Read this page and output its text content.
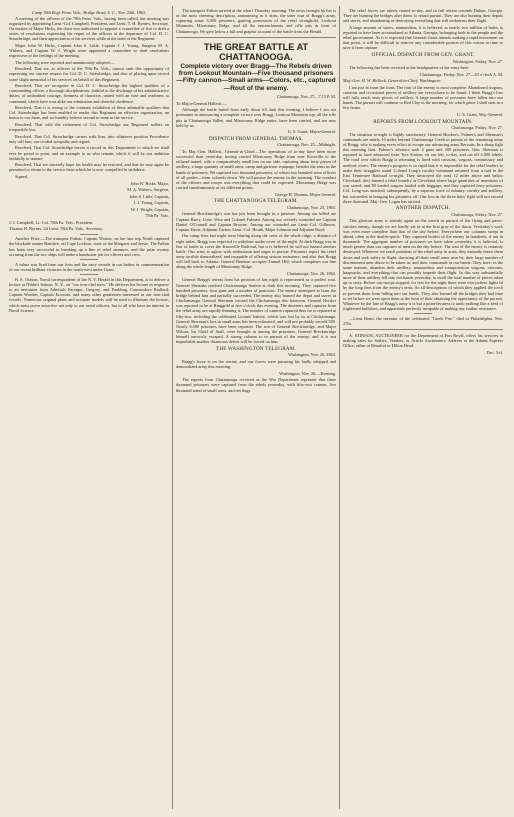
Camp 78th Regt. Penn. Vols., Bridge Head, S. C., Nov. 24th, 1863.

A meeting of the officers of the 78th Penn. Vols., having been called, the meeting was organized by appointing Lieut.-Col. Campbell, President, and Lieut. T. H. Byrnes, Secretary. On motion of Major Hicks, the chair was authorized to appoint a committee of five to draft a series of resolutions expressing the regret of the officers at the departure of Col. D. C. Strawbridge, and their appreciation of his services while at the head of the Regiment.

Major John W. Hicks, Captain John S. Little, Captain J. J. Young, Surgeon M. A. Withers, and Captain W. J. Wright were appointed a committee to draft resolutions expressive of the feelings of the meeting.

The following were reported and unanimously adopted:—

Resolved, That we, as officers of the 78th Pa. Vols., cannot omit this opportunity of expressing our sincere respect for Col. D. C. Strawbridge, and also of placing upon record some slight memorial of his services on behalf of this Regiment.

Resolved, That we recognize in Col. D. C. Strawbridge the highest qualities of a commanding officer, a thorough disciplinarian, faithful in the discharge of his administrative duties, of undoubted courage, firmness of character, united with an ease and readiness to command, which have won alike our admiration and cheerful obedience.

Resolved, That it is owing to the constant exhibition of these admirable qualities that Col. Strawbridge has been enabled to render this Regiment an effective organization, an honor to our State, and we humbly believe second to none in the service.

Resolved, That with the retirement of Col. Strawbridge our Regiment suffers an irreparable loss.

Resolved, That Col. Strawbridge carries with him, into whatever position Providence may call him, our cordial sympathy and regard.

Resolved, That Col. Strawbridge leaves a record in this Department to which we shall ever be proud to point, and an example to us who remain, which it will be our ambition faithfully to imitate.

Resolved, That we sincerely hope his health may be restored, and that he may again be permitted to return to the service from which he is now compelled to withdraw.

Signed,

John W. Hicks, Major,

M. A. Withers, Surgeon,

John S. Little, Captain,

J. J. Young, Captain,

W. J. Wright, Captain,

78th Pa. Vols.

J. J. Campbell, Lt.-Col. 78th Pa. Vols., President.

Thomas H. Byrnes, 2d Lieut. 78th Pa. Vols., Secretary.

Another Prize.—The transport Fulton, Captain Wotton, on her last trip North captured the blockade runner Banshee, off Cape Lookout, mate of the Margaret and Jessie. The Fulton has been very successful in breaking up a line of rebel steamers, and the prize money accruing from the two ships will make a handsome job for officers and crew.

A salute was fired from our forts and the navy vessels in our harbor in commemoration of our recent brilliant victories in the south-west under Grant.

B. S. Osborn, Naval correspondent of the N. Y. Herald in this Department, is to deliver a lecture at Nibbe's Saloon, N. Y., on "our iron-clad navy." He delivers his lecture in response to an invitation from Admirals Farragut, Gregory, and Paulding, Commodore Radford, Captain Worden, Captain Ericsson, and many other gentlemen interested in our iron-clad vessels. Numerous original plans and accurate models will be used to illustrate the lecture, which must prove attractive not only to our naval officers, but to all who have an interest in Naval Science.

The transport Fulton arrived at the wharf Thursday morning. The news brought by her is of the most cheering description, announcing as it does, the utter rout of Bragg's army, capturing some 5,000 prisoners, gaining possession of the rebel stronghold, Lookout Mountain, Missionary Ridge, and all the entrenchments and rifle pits in front of Chattanooga. We give below a full and graphic account of the battle from the Herald.

THE GREAT BATTLE AT CHATTANOOGA.
Complete victory over Bragg—The Rebels driven from Lookout Mountain—Five thousand prisoners—Fifty cannon—Small arms—Colors, etc., captured—Rout of the enemy.

Chattanooga, Nov. 27—7.15 P. M.

To Major-General Halleck:—

Although the battle lasted from early dawn till dark this evening, I believe I am not premature in announcing a complete victory over Bragg. Lookout Mountain top, all the rifle pits in Chattanooga Valley, and Missionary Ridge entire, have been carried, and are now held by us.

U. S. Grant, Major-General.

DISPATCH FROM GENERAL THOMAS.

Chattanooga, Nov. 25—Midnight.

To Maj.-Gen. Halleck, General-in-Chief:—The operations of to-day have been more successful than yesterday, having carried Missionary Ridge from near Rossville to the railroad tunnel, with a comparatively small loss on our side, capturing about forty pieces of artillery, a large quantity of small arms, camp and garrison equipage, besides the arms in the hands of prisoners. We captured two thousand prisoners, of whom two hundred were officers of all grades—from colonels down. We will pursue the enemy in the morning. The conduct of the officers and troops was everything that could be expected. Missionary Ridge was carried simultaneously at six different points.

George H. Thomas, Major General.

THE CHATTANOOGA TELEGRAM.

Chattanooga, Nov. 25, 1863.

General Breckinridge's son has just been brought in a prisoner. Among our killed are Captain Barry, Lieut. Wise and Colonel Fulman. Among our severely wounded are Captain Daniel O'Connell and Captain Browne. Among our wounded are Lieut.-Col. Gillmore, Captain Davis, Adjutant Tucker, Lieut.-Col. Houth, Major Johnson and Adjutant Boyd.

Our camp fires last night were blazing along the crest of the whole ridge, a distance of eight miles. Bragg was expected to withdraw under cover of the night. At dark Bragg was in line of battle to cover the Knoxville Railroad, but it is believed he will not hazard another battle. Our army is aglow with enthusiasm and eager to pursue. Prisoners report the rebel army terribly demoralized, and incapable of offering serious resistance, and also that Bragg will fall back to Atlanta. General Branson occupies Tunnel Hill, which completes our line along the whole length of Missionary Ridge.

Chattanooga, Nov. 26, 1863.

General Bragg's retreat from his position of last night is represented as a perfect rout. General Sheridan reached Chickamauga Station at dusk this morning. They captured five hundred prisoners, four guns and a number of pontoons. The enemy attempted to burn the bridge behind him and partially succeeded. The enemy also burned the depot and stores at Chickamauga. General Sherman crossed the Chickamauga this forenoon. General Hooker was reported to be at Ringgold at five o'clock this evening. The deserters and captures from the rebel army are rapidly thinning it. The number of cannon captured thus far is reported at fifty-two, including the celebrated Loomis' battery, which was lost by us at Chickamauga. General Sherman's loss in small arms has been estimated, and will not probably exceed 500. Nearly 6,000 prisoners have been reported. The son of General Breckinridge, and Major Wilson, his Chief of Staff, were brought in among the prisoners. General Breckinridge himself narrowly escaped. A strong column is in pursuit of the enemy, and it is not improbable another disastrous defeat will be forced on him.

THE WASHINGTON TELEGRAM.

Washington, Nov. 26, 1863.

Bragg's force is on the retreat, and our forces were pursuing his badly whipped and demoralized army this morning.

Washington, Nov. 26,—Evening.

The reports from Chattanooga received at the War Department represent that three thousand prisoners were captured from the rebels yesterday, with fifty-two cannon, five thousand stand of small arms, and ten flags.

The rebel forces are utterly routed to-day, and in full retreat towards Dalton, Georgia. They are burning the bridges after them, to retard pursuit. They are also burning their depots and stores, and abandoning or destroying everything that will embarrass their flight.

A large amount of stores, ammunition, it is believed, to nearly two million of bales, is reported to have been accumulated at Atlanta, Georgia, belonging both to the people and the rebel government. As it is expected that General Grant intends making a rapid movement on that point, it will be difficult to remove any considerable portion of this cotton in time to save it from capture.

OFFICIAL DISPATCH FROM GEN. GRANT.

Washington, Friday, Nov. 27.

The following has been received at the headquarters of the army here:

Chattanooga, Friday, Nov. 27—10 o'clock A. M.

Maj.-Gen. H. W. Halleck, General-in-Chief, Washington:

I am just in from the front. The rout of the enemy is most complete. Abandoned wagons, caissons and occasional pieces of artillery are everywhere to be found. I think Bragg's loss will fully reach sixty pieces of artillery. A large number of prisoners have fallen into our hands. The pursuit will continue to Red Clay in the morning, for which place I shall start in a few hours.

U. S. Grant, Maj.-General.

REPORTS FROM LOOKOUT MOUNTAIN.

Chattanooga, Friday, Nov. 27.

The situation to-night is highly satisfactory. General Hooker's, Palmer's and Sherman's commands are nearly 10 miles beyond Chattanooga Creek in pursuit of the remaining army of Bragg, who is making every effort to escape our advancing army Recruits. In a sharp fight this morning Gen. Palmer's advance took 4 guns and 200 prisoners. Gen. Sherman is reported to have advanced from Tyre Station, on our left, to-day, and cut off 2,000 rebels. The road over which Bragg is retreating is lined with caissons, wagons, commissary and medical stores. The enemy's progress is so rapid that it is impossible for the rebel leaders to make their stragglers stand. Colonel Long's cavalry command returned from a raid to the East Tennessee Railroad to-night. They destroyed the road 12 miles above and below Cleveland; they burned a rebel foundry at Cleveland where large quantities of munitions of war stored, and 80 loaded wagons loaded with baggage, and they captured forty prisoners. Col. Long was attacked, subsequently, by a superior force of infantry, cavalry and artillery, but succeeded in bringing his prisoners off. Our loss in the three days' fight will not exceed three thousand. Maj.-Gen. Logan has arrived.

ANOTHER DISPATCH.

Chattanooga, Friday, Nov. 27.

This glorious army is already again on the march in pursuit of the flying and panic-stricken enemy, though we are hardly yet in at the first gray of the dawn. Yesterday's work was even more complete than that of the day before. Everywhere our columns swept in ahead, often at the double-quick. They captured hordes of the enemy in hundreds, if not in thousands. The aggregate number of prisoners we have taken yesterday, it is believed, is much greater than our captures of men on the day before. The rout of the enemy is certainly destroyed. Wherever we reach positions of the rebel army in arms, they instantly throw them down and seek safety in flight, throwing all their small arms near by, their large number of discontented men desire to be taken in, and their commands in our hands. They have, in the same manner, abandon their artillery, ammunition and transportation wagons, caissons, knapsacks, and everything that can possibly impede their flight. In this way substantially more of their artillery fell into our hands yesterday, to swell the total number of pieces taken up to sixty. Before our troops stopped, for rest for the night there were everywhere lights lit by the long fires from the enemy's tents. So all descriptions of which they applied the torch to prevent them from falling into our hands. They also burned all the bridges they had time to set before we were upon them at the hour of their obtaining the opportunity of the pursuit. Whatever be the fate of Bragg's army it is but a point-lessness to undo nothing like a herd of frightened buffaloes, and apparently perfectly incapable of making any further resistance.

—Lieut Brant, the inventor of the celebrated "Greek Fire," died at Philadelphia, Nov. 27th.

A. STINSON, AUCTIONEER for the Department of Port Royal, offers his services in making sales for Sutlers, Vendors, or Article Auctioneers. Address at the Adams Express Office, either at Beaufort or Hilton Head.

Dec. 3-tf.
